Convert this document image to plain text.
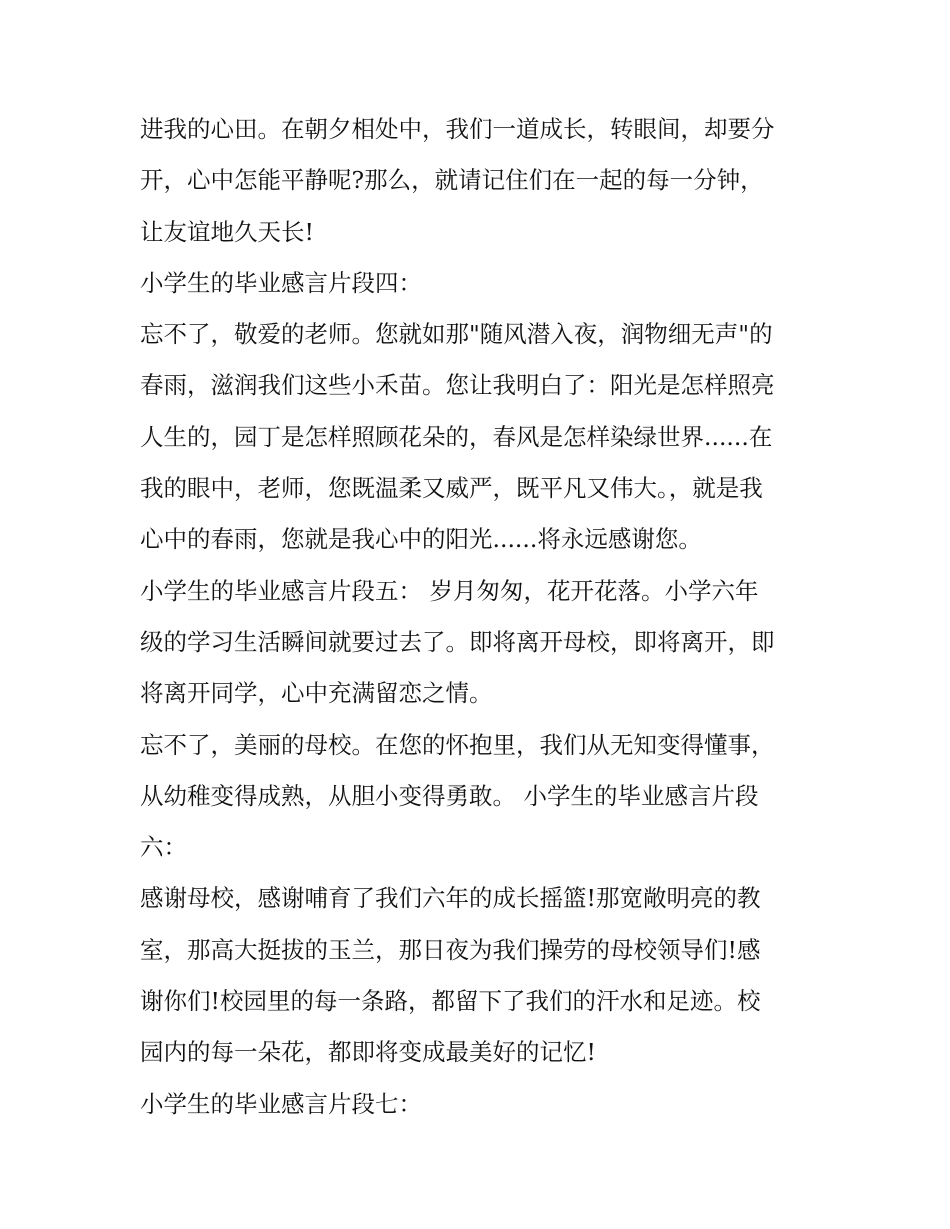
进我的心田。在朝夕相处中，我们一道成长，转眼间，却要分

开，心中怎能平静呢?那么，就请记住们在一起的每一分钟，

让友谊地久天长!

小学生的毕业感言片段四：

忘不了，敬爱的老师。您就如那"随风潜入夜，润物细无声"的

春雨，滋润我们这些小禾苗。您让我明白了：阳光是怎样照亮

人生的，园丁是怎样照顾花朵的，春风是怎样染绿世界......在

我的眼中，老师，您既温柔又威严，既平凡又伟大。，就是我

心中的春雨，您就是我心中的阳光......将永远感谢您。

小学生的毕业感言片段五： 岁月匆匆，花开花落。小学六年

级的学习生活瞬间就要过去了。即将离开母校，即将离开，即

将离开同学，心中充满留恋之情。

忘不了，美丽的母校。在您的怀抱里，我们从无知变得懂事，

从幼稚变得成熟，从胆小变得勇敢。 小学生的毕业感言片段

六：

感谢母校，感谢哺育了我们六年的成长摇篮!那宽敞明亮的教

室，那高大挺拔的玉兰，那日夜为我们操劳的母校领导们!感

谢你们!校园里的每一条路，都留下了我们的汗水和足迹。校

园内的每一朵花，都即将变成最美好的记忆!

小学生的毕业感言片段七：
